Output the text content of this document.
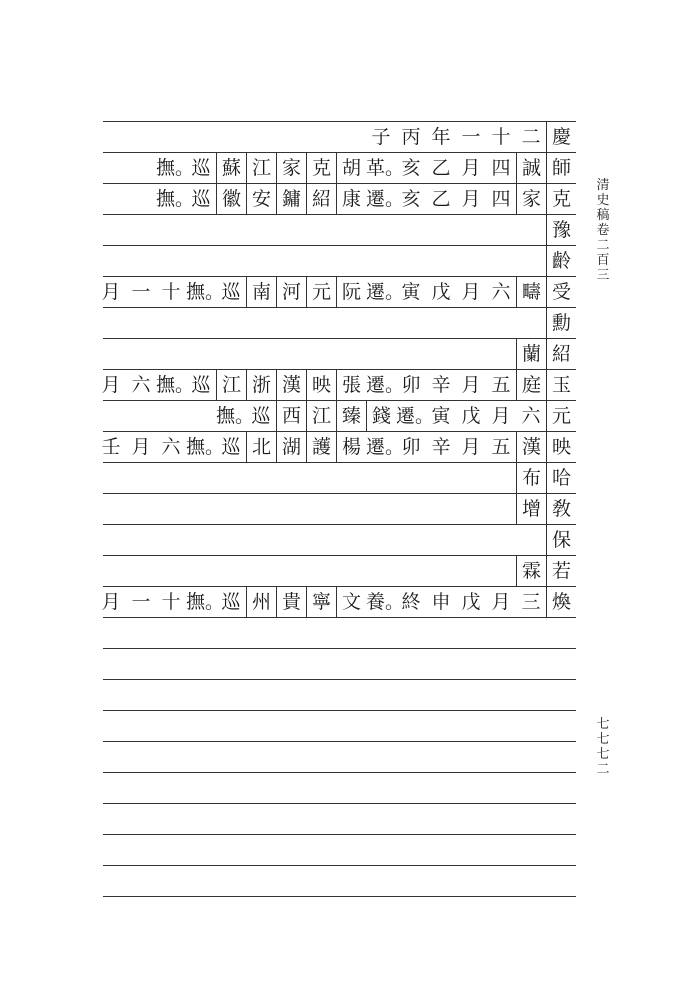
慶
二
十
一
年
丙
子
師
誠
四
月
乙
亥
革。
胡
克
家
江
蘇
巡
撫。
克
家
四
月
乙
亥
遷。
康
紹
鏞
安
徽
巡
撫。
豫
齡
受
疇
六
月
戊
寅
遷。
阮
元
河
南
巡
撫。
十
一
月
勳
紹
蘭
玉
庭
五
月
辛
卯
遷。
張
映
漢
浙
江
巡
撫。
六
月
元
六
月
戊
寅
遷。
錢
臻
江
西
巡
撫。
映
漢
五
月
辛
卯
遷。
楊
護
湖
北
巡
撫。
六
月
壬
哈
布
敎
增
保
若
霖
煥
三
月
戊
申
終
養。
文
寧
貴
州
巡
撫。
十
一
月
清
史
稿
卷
二
百
三
七
七
七
二
